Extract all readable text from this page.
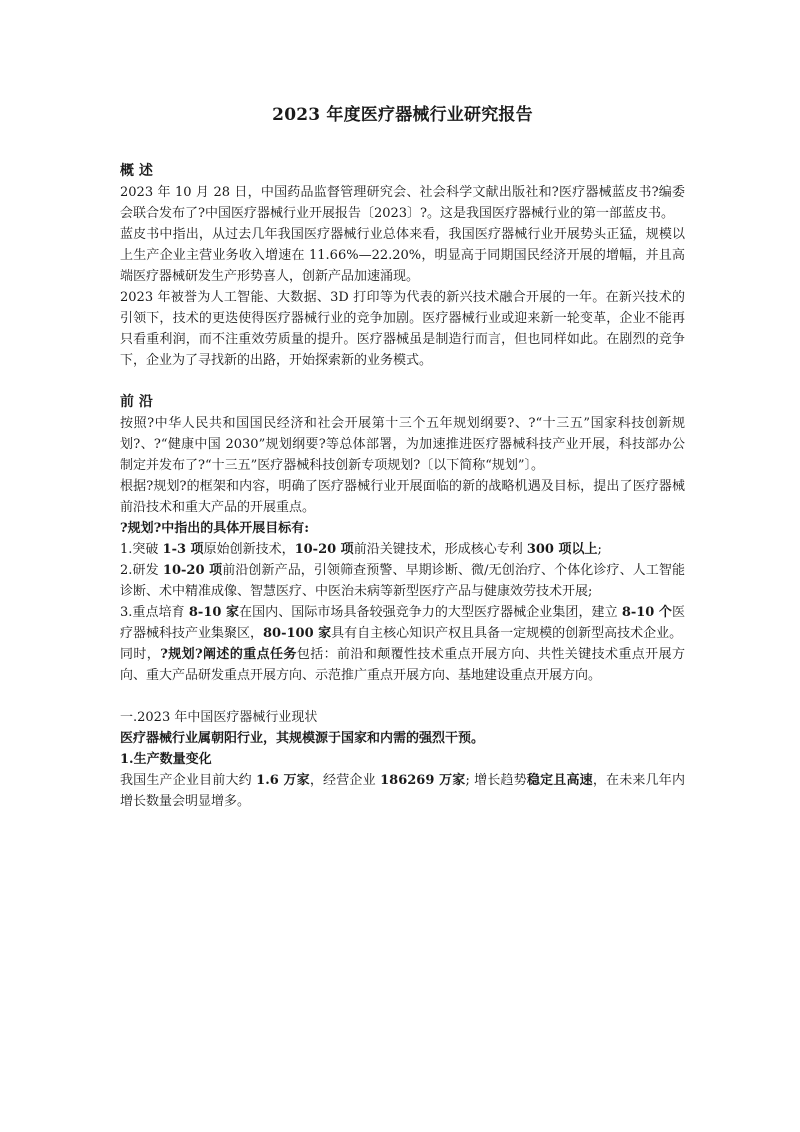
2023 年度医疗器械行业研究报告
概 述

2023 年 10 月 28 日，中国药品监督管理研究会、社会科学文献出版社和?医疗器械蓝皮书?编委会联合发布了?中国医疗器械行业开展报告〔2023〕?。这是我国医疗器械行业的第一部蓝皮书。

蓝皮书中指出，从过去几年我国医疗器械行业总体来看，我国医疗器械行业开展势头正猛，规模以上生产企业主营业务收入增速在 11.66%—22.20%，明显高于同期国民经济开展的增幅，并且高端医疗器械研发生产形势喜人，创新产品加速涌现。

2023 年被誉为人工智能、大数据、3D 打印等为代表的新兴技术融合开展的一年。在新兴技术的引领下，技术的更迭使得医疗器械行业的竞争加剧。医疗器械行业或迎来新一轮变革，企业不能再只看重利润，而不注重效劳质量的提升。医疗器械虽是制造行而言，但也同样如此。在剧烈的竞争下，企业为了寻找新的出路，开始探索新的业务模式。

前 沿

按照?中华人民共和国国民经济和社会开展第十三个五年规划纲要?、?“十三五”国家科技创新规划?、?“健康中国 2030”规划纲要?等总体部署，为加速推进医疗器械科技产业开展，科技部办公制定并发布了?“十三五”医疗器械科技创新专项规划?〔以下简称“规划”〕。

根据?规划?的框架和内容，明确了医疗器械行业开展面临的新的战略机遇及目标，提出了医疗器械前沿技术和重大产品的开展重点。

?规划?中指出的具体开展目标有:

1.突破 1-3 项原始创新技术，10-20 项前沿关键技术，形成核心专利 300 项以上;

2.研发 10-20 项前沿创新产品，引领筛查预警、早期诊断、微/无创治疗、个体化诊疗、人工智能诊断、术中精准成像、智慧医疗、中医治未病等新型医疗产品与健康效劳技术开展;

3.重点培育 8-10 家在国内、国际市场具备较强竞争力的大型医疗器械企业集团，建立 8-10 个医疗器械科技产业集聚区，80-100 家具有自主核心知识产权且具备一定规模的创新型高技术企业。

同时，?规划?阐述的重点任务包括：前沿和颠覆性技术重点开展方向、共性关键技术重点开展方向、重大产品研发重点开展方向、示范推广重点开展方向、基地建设重点开展方向。

一.2023 年中国医疗器械行业现状
医疗器械行业属朝阳行业，其规模源于国家和内需的强烈干预。
1.生产数量变化

我国生产企业目前大约 1.6 万家，经营企业 186269 万家; 增长趋势稳定且高速，在未来几年内增长数量会明显增多。
